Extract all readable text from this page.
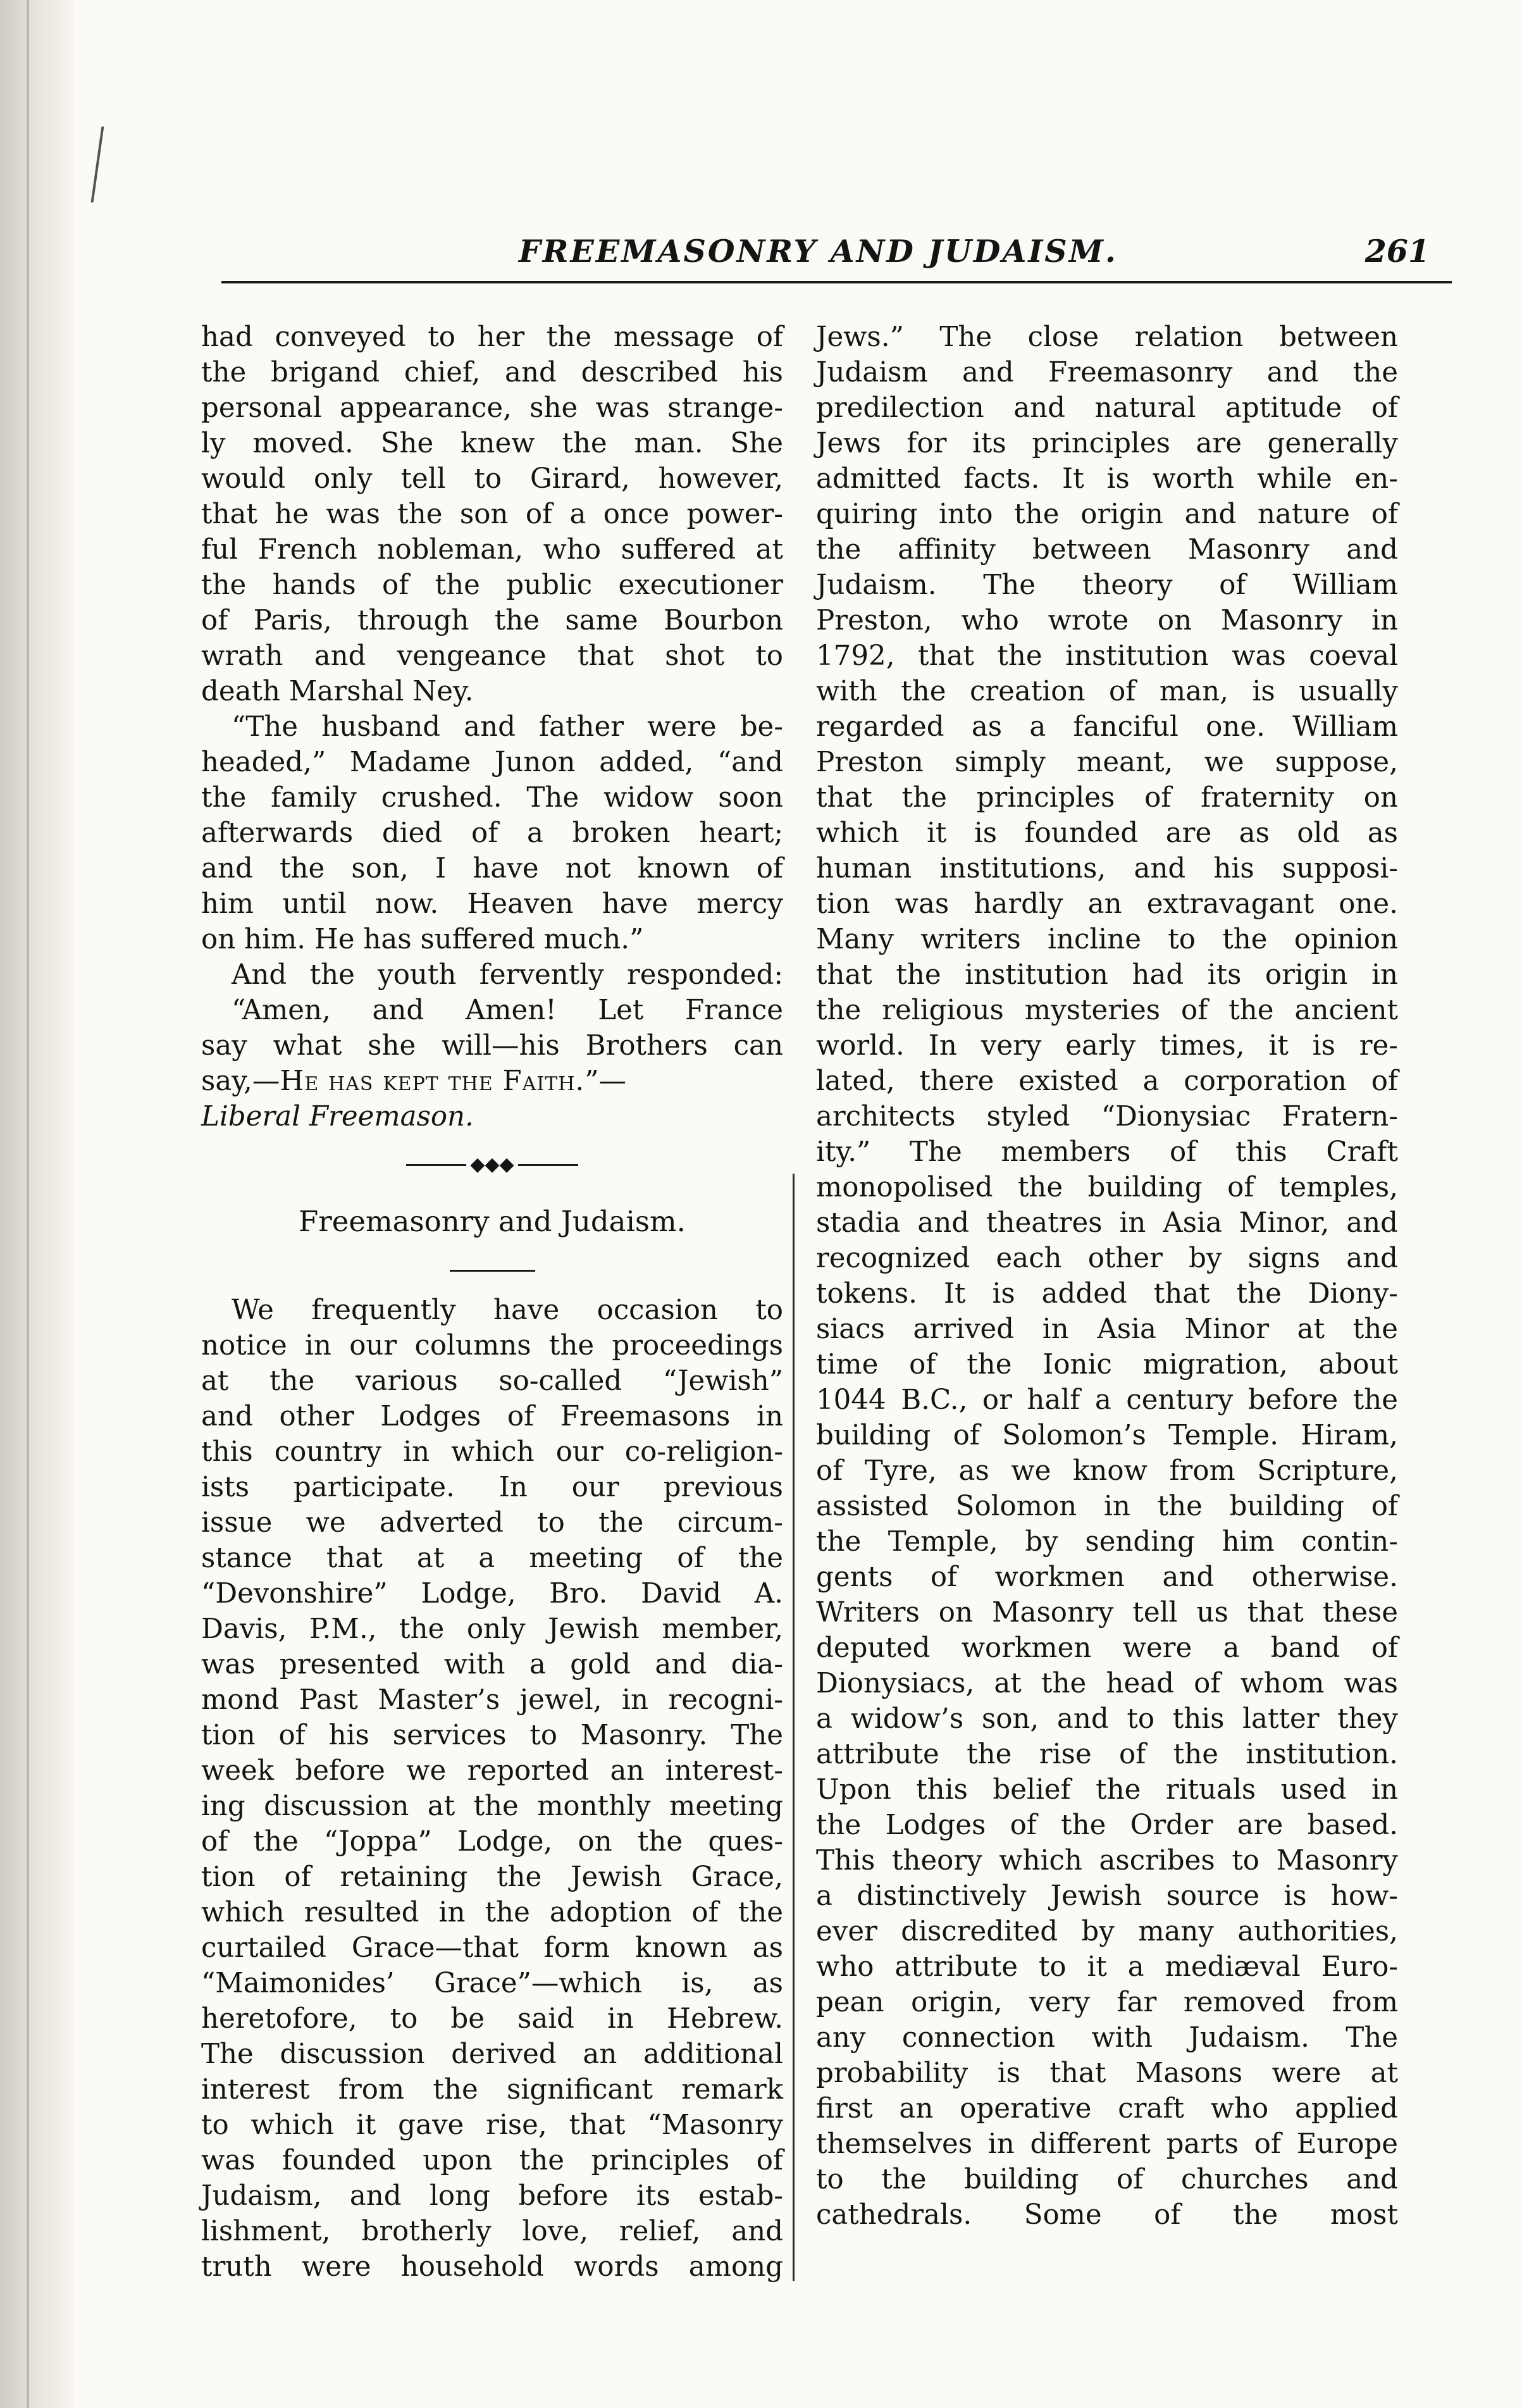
FREEMASONRY AND JUDAISM.	261

had conveyed to her the message of

the brigand chief, and described his

personal appearance, she was strange-

ly moved. She knew the man. She

would only tell to Girard, however,

that he was the son of a once power-

ful French nobleman, who suffered at

the hands of the public executioner

of Paris, through the same Bourbon

wrath and vengeance that shot to

death Marshal Ney.

“The husband and father were be-

headed,” Madame Junon added, “and

the family crushed. The widow soon

afterwards died of a broken heart;

and the son, I have not known of

him until now. Heaven have mercy

on him. He has suffered much.”

And the youth fervently responded:

“Amen, and Amen! Let France

say what she will—his Brothers can

say,—He has kept the Faith.”—

Liberal Freemason.

◆◆◆

Freemasonry and Judaism.

We frequently have occasion to

notice in our columns the proceedings

at the various so-called “Jewish”

and other Lodges of Freemasons in

this country in which our co-religion-

ists participate. In our previous

issue we adverted to the circum-

stance that at a meeting of the

“Devonshire” Lodge, Bro. David A.

Davis, P.M., the only Jewish member,

was presented with a gold and dia-

mond Past Master’s jewel, in recogni-

tion of his services to Masonry. The

week before we reported an interest-

ing discussion at the monthly meeting

of the “Joppa” Lodge, on the ques-

tion of retaining the Jewish Grace,

which resulted in the adoption of the

curtailed Grace—that form known as

“Maimonides’ Grace”—which is, as

heretofore, to be said in Hebrew.

The discussion derived an additional

interest from the significant remark

to which it gave rise, that “Masonry

was founded upon the principles of

Judaism, and long before its estab-

lishment, brotherly love, relief, and

truth were household words among

Jews.” The close relation between

Judaism and Freemasonry and the

predilection and natural aptitude of

Jews for its principles are generally

admitted facts. It is worth while en-

quiring into the origin and nature of

the affinity between Masonry and

Judaism. The theory of William

Preston, who wrote on Masonry in

1792, that the institution was coeval

with the creation of man, is usually

regarded as a fanciful one. William

Preston simply meant, we suppose,

that the principles of fraternity on

which it is founded are as old as

human institutions, and his supposi-

tion was hardly an extravagant one.

Many writers incline to the opinion

that the institution had its origin in

the religious mysteries of the ancient

world. In very early times, it is re-

lated, there existed a corporation of

architects styled “Dionysiac Fratern-

ity.” The members of this Craft

monopolised the building of temples,

stadia and theatres in Asia Minor, and

recognized each other by signs and

tokens. It is added that the Diony-

siacs arrived in Asia Minor at the

time of the Ionic migration, about

1044 B.C., or half a century before the

building of Solomon’s Temple. Hiram,

of Tyre, as we know from Scripture,

assisted Solomon in the building of

the Temple, by sending him contin-

gents of workmen and otherwise.

Writers on Masonry tell us that these

deputed workmen were a band of

Dionysiacs, at the head of whom was

a widow’s son, and to this latter they

attribute the rise of the institution.

Upon this belief the rituals used in

the Lodges of the Order are based.

This theory which ascribes to Masonry

a distinctively Jewish source is how-

ever discredited by many authorities,

who attribute to it a mediæval Euro-

pean origin, very far removed from

any connection with Judaism. The

probability is that Masons were at

first an operative craft who applied

themselves in different parts of Europe

to the building of churches and

cathedrals. Some of the most
